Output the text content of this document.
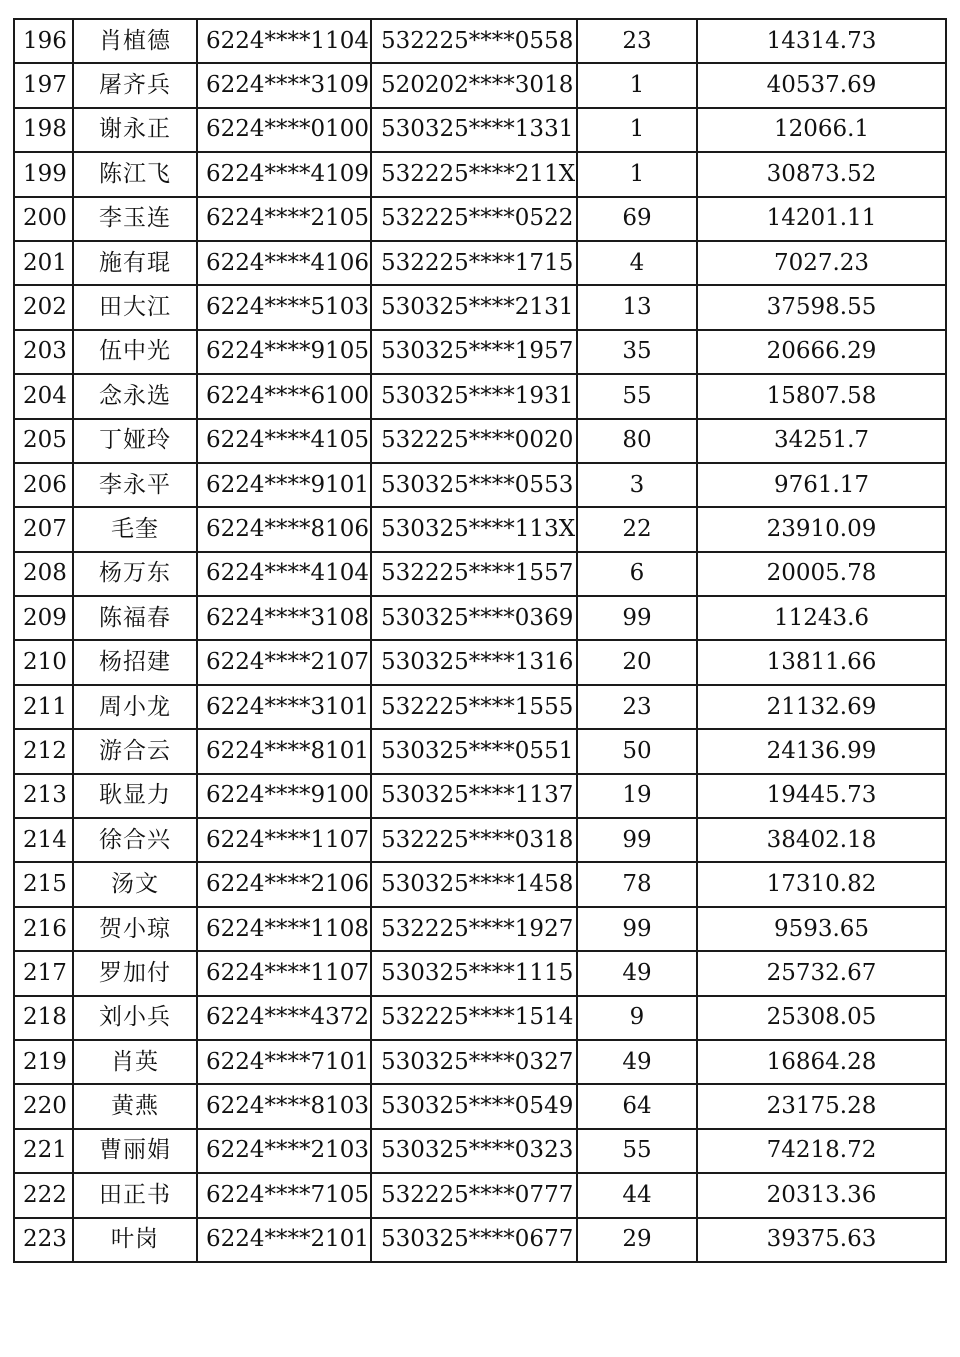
196	肖植德	6224****1104	532225****0558	23	14314.73
197	屠齐兵	6224****3109	520202****3018	1	40537.69
198	谢永正	6224****0100	530325****1331	1	12066.1
199	陈江飞	6224****4109	532225****211X	1	30873.52
200	李玉连	6224****2105	532225****0522	69	14201.11
201	施有琨	6224****4106	532225****1715	4	7027.23
202	田大江	6224****5103	530325****2131	13	37598.55
203	伍中光	6224****9105	530325****1957	35	20666.29
204	念永选	6224****6100	530325****1931	55	15807.58
205	丁娅玲	6224****4105	532225****0020	80	34251.7
206	李永平	6224****9101	530325****0553	3	9761.17
207	毛奎	6224****8106	530325****113X	22	23910.09
208	杨万东	6224****4104	532225****1557	6	20005.78
209	陈福春	6224****3108	530325****0369	99	11243.6
210	杨招建	6224****2107	530325****1316	20	13811.66
211	周小龙	6224****3101	532225****1555	23	21132.69
212	游合云	6224****8101	530325****0551	50	24136.99
213	耿显力	6224****9100	530325****1137	19	19445.73
214	徐合兴	6224****1107	532225****0318	99	38402.18
215	汤文	6224****2106	530325****1458	78	17310.82
216	贺小琼	6224****1108	532225****1927	99	9593.65
217	罗加付	6224****1107	530325****1115	49	25732.67
218	刘小兵	6224****4372	532225****1514	9	25308.05
219	肖英	6224****7101	530325****0327	49	16864.28
220	黄燕	6224****8103	530325****0549	64	23175.28
221	曹丽娟	6224****2103	530325****0323	55	74218.72
222	田正书	6224****7105	532225****0777	44	20313.36
223	叶岗	6224****2101	530325****0677	29	39375.63
